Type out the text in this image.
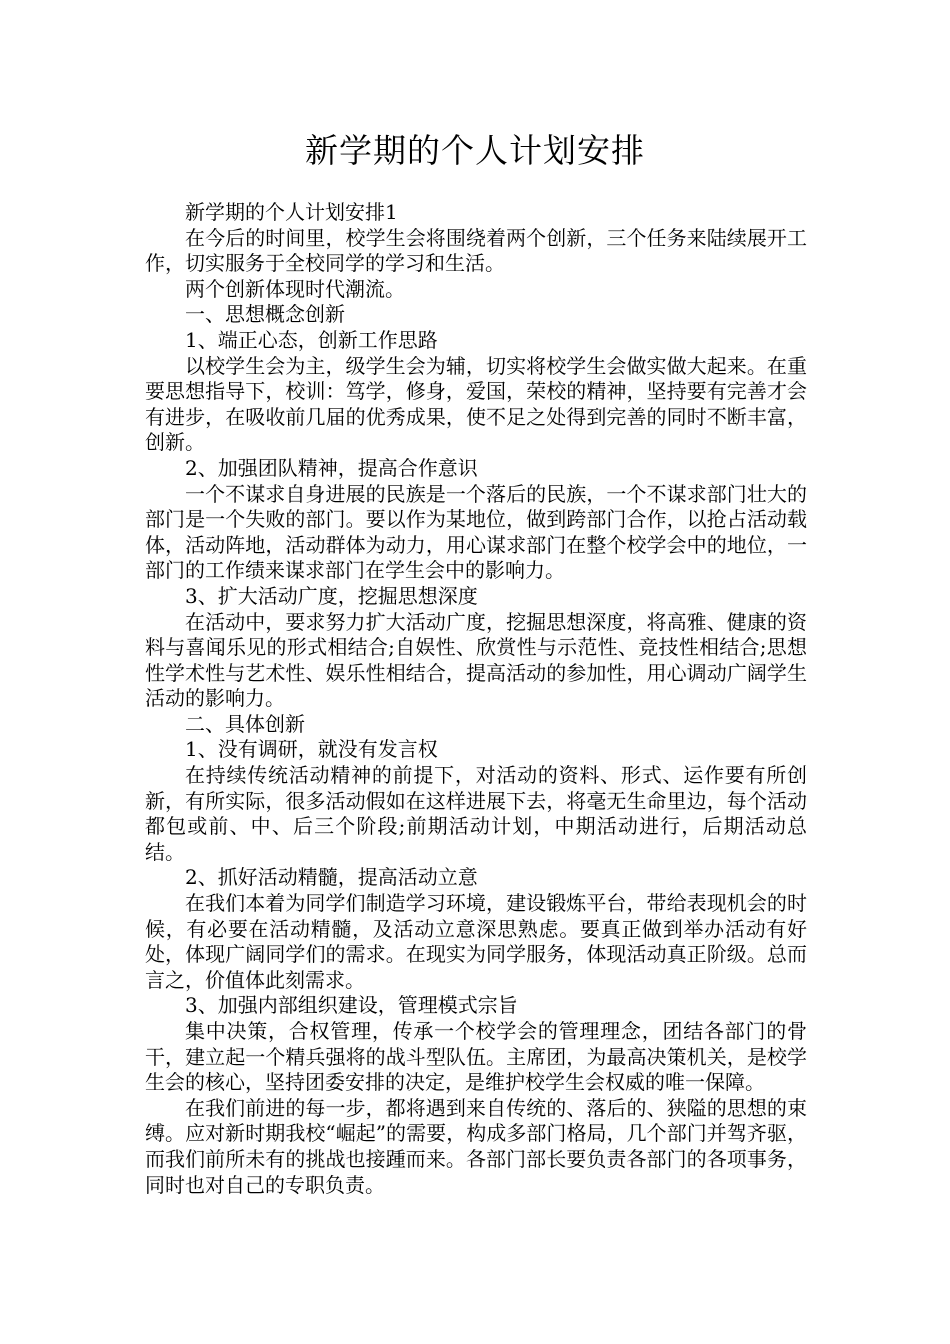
新学期的个人计划安排

新学期的个人计划安排1

在今后的时间里，校学生会将围绕着两个创新，三个任务来陆续展开工作，切实服务于全校同学的学习和生活。

两个创新体现时代潮流。

一、思想概念创新

1、端正心态，创新工作思路

以校学生会为主，级学生会为辅，切实将校学生会做实做大起来。在重要思想指导下，校训：笃学，修身，爱国，荣校的精神，坚持要有完善才会有进步，在吸收前几届的优秀成果，使不足之处得到完善的同时不断丰富，创新。

2、加强团队精神，提高合作意识

一个不谋求自身进展的民族是一个落后的民族，一个不谋求部门壮大的部门是一个失败的部门。要以作为某地位，做到跨部门合作，以抢占活动载体，活动阵地，活动群体为动力，用心谋求部门在整个校学会中的地位，一部门的工作绩来谋求部门在学生会中的影响力。

3、扩大活动广度，挖掘思想深度

在活动中，要求努力扩大活动广度，挖掘思想深度，将高雅、健康的资料与喜闻乐见的形式相结合;自娱性、欣赏性与示范性、竞技性相结合;思想性学术性与艺术性、娱乐性相结合，提高活动的参加性，用心调动广阔学生活动的影响力。

二、具体创新

1、没有调研，就没有发言权

在持续传统活动精神的前提下，对活动的资料、形式、运作要有所创新，有所实际，很多活动假如在这样进展下去，将毫无生命里边，每个活动都包或前、中、后三个阶段;前期活动计划，中期活动进行，后期活动总结。

2、抓好活动精髓，提高活动立意

在我们本着为同学们制造学习环境，建设锻炼平台，带给表现机会的时候，有必要在活动精髓，及活动立意深思熟虑。要真正做到举办活动有好处，体现广阔同学们的需求。在现实为同学服务，体现活动真正阶级。总而言之，价值体此刻需求。

3、加强内部组织建设，管理模式宗旨

集中决策，合权管理，传承一个校学会的管理理念，团结各部门的骨干，建立起一个精兵强将的战斗型队伍。主席团，为最高决策机关，是校学生会的核心，坚持团委安排的决定，是维护校学生会权威的唯一保障。

在我们前进的每一步，都将遇到来自传统的、落后的、狭隘的思想的束缚。应对新时期我校“崛起”的需要，构成多部门格局，几个部门并驾齐驱，而我们前所未有的挑战也接踵而来。各部门部长要负责各部门的各项事务，同时也对自己的专职负责。
